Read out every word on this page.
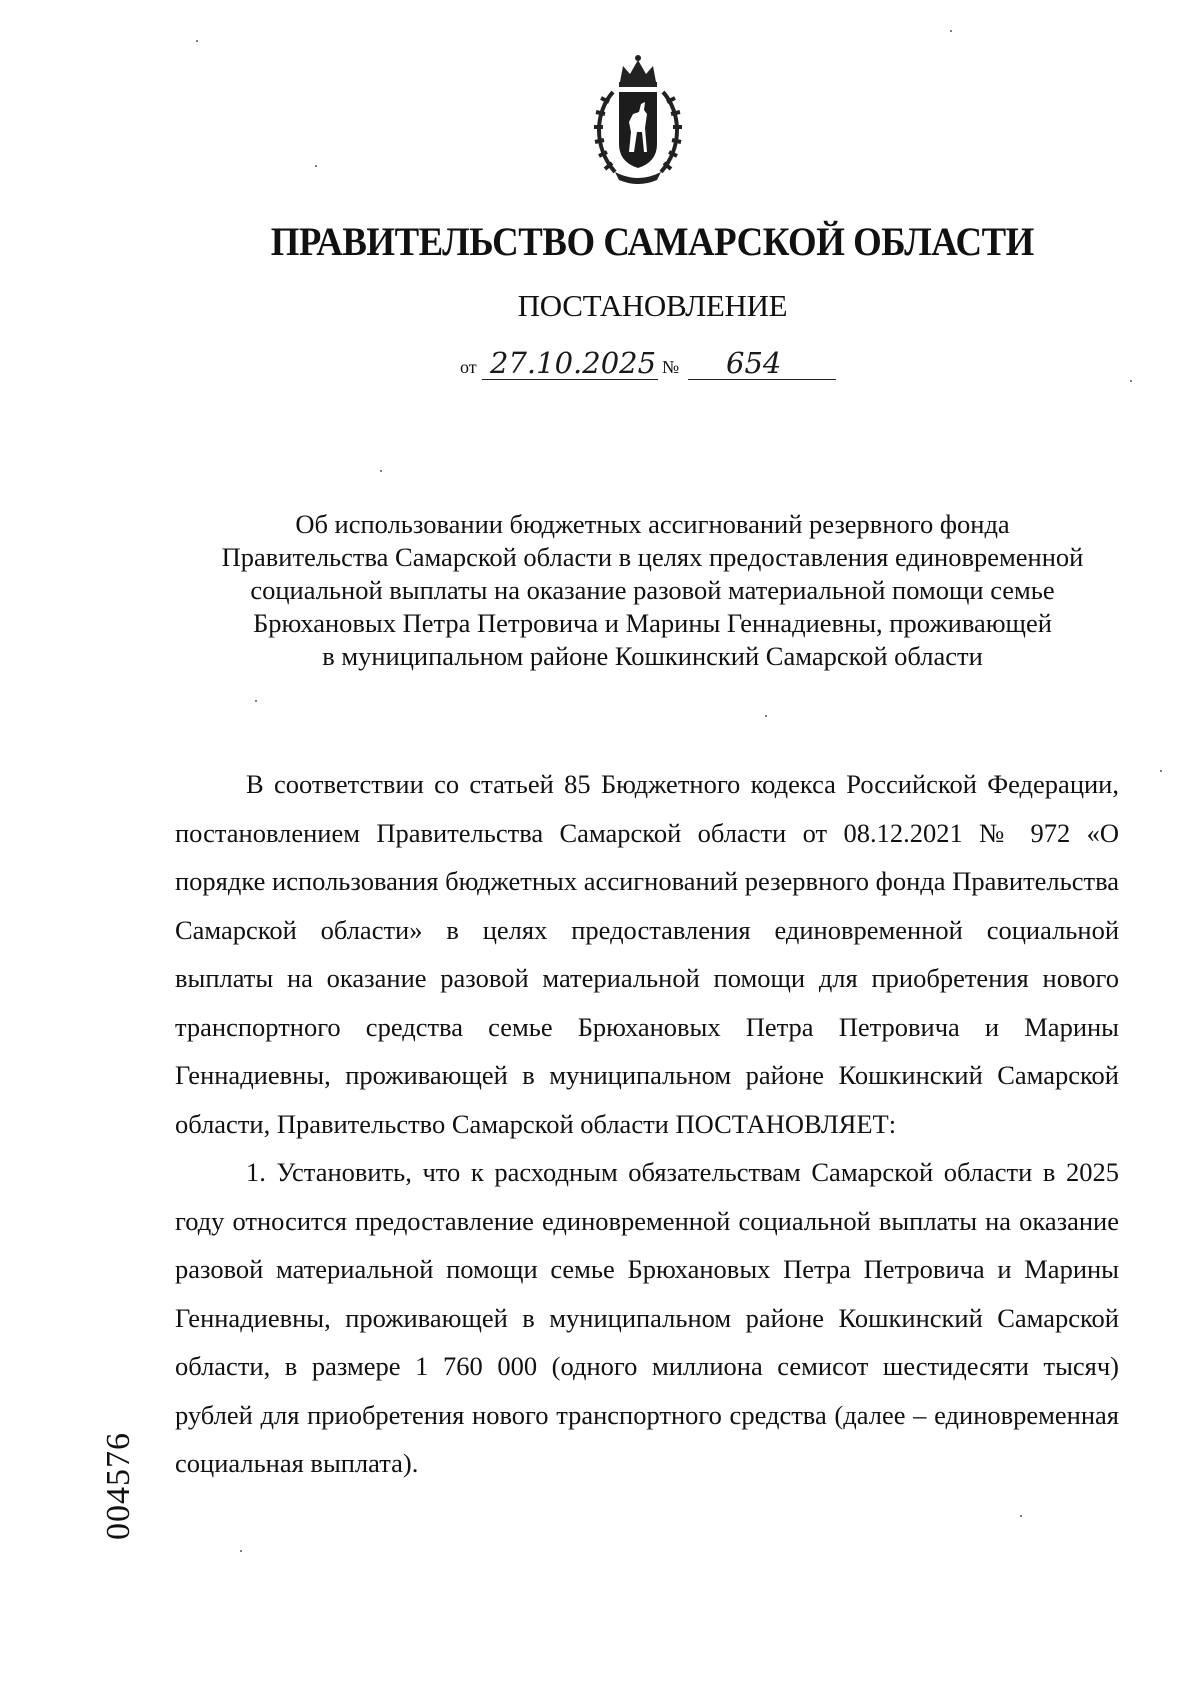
ПРАВИТЕЛЬСТВО САМАРСКОЙ ОБЛАСТИ
ПОСТАНОВЛЕНИЕ
от 27.10.2025 № 654
Об использовании бюджетных ассигнований резервного фонда
Правительства Самарской области в целях предоставления единовременной
социальной выплаты на оказание разовой материальной помощи семье
Брюхановых Петра Петровича и Марины Геннадиевны, проживающей
в муниципальном районе Кошкинский Самарской области

В соответствии со статьей 85 Бюджетного кодекса Российской Федерации, постановлением Правительства Самарской области от 08.12.2021 № 972 «О порядке использования бюджетных ассигнований резервного фонда Правительства Самарской области» в целях предоставления единовременной социальной выплаты на оказание разовой материальной помощи для приобретения нового транспортного средства семье Брюхановых Петра Петровича и Марины Геннадиевны, проживающей в муниципальном районе Кошкинский Самарской области, Правительство Самарской области ПОСТАНОВЛЯЕТ:

1. Установить, что к расходным обязательствам Самарской области в 2025 году относится предоставление единовременной социальной выплаты на оказание разовой материальной помощи семье Брюхановых Петра Петровича и Марины Геннадиевны, проживающей в муниципальном районе Кошкинский Самарской области, в размере 1 760 000 (одного миллиона семисот шестидесяти тысяч) рублей для приобретения нового транспортного средства (далее – единовременная социальная выплата).

004576
